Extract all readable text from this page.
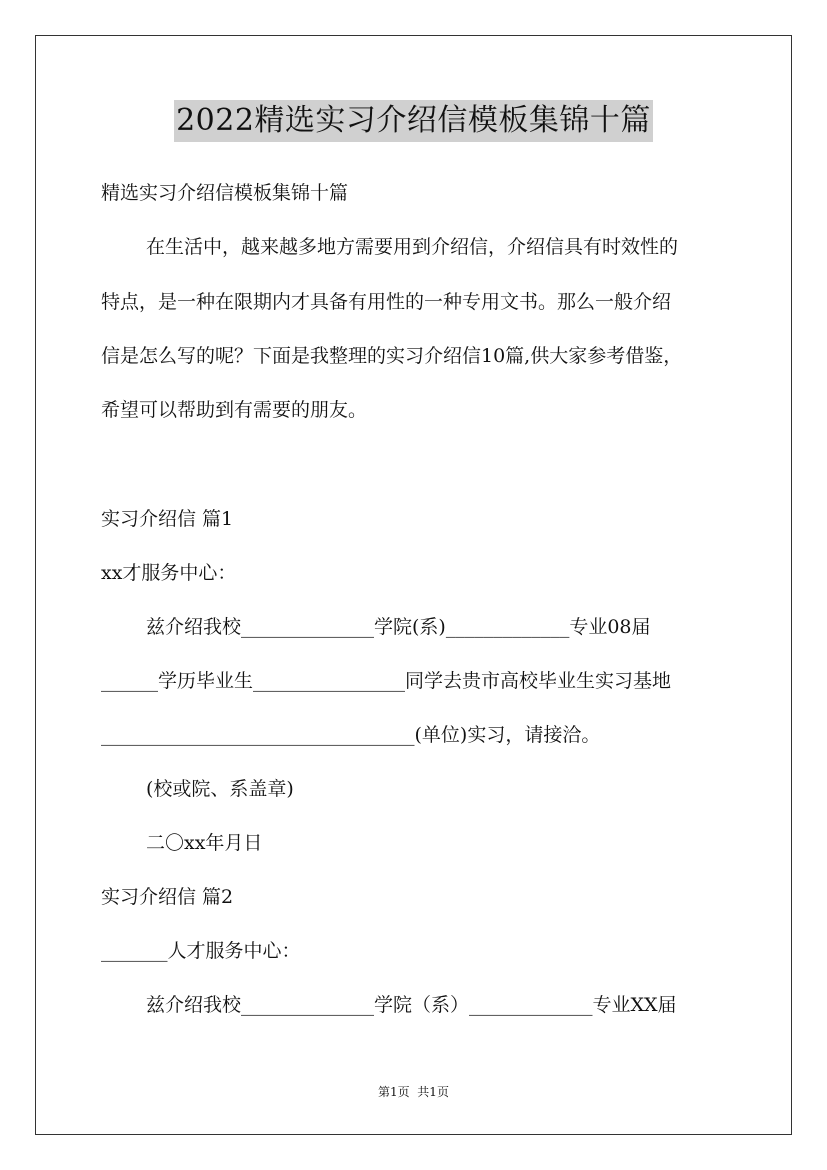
2022精选实习介绍信模板集锦十篇
精选实习介绍信模板集锦十篇
在生活中，越来越多地方需要用到介绍信，介绍信具有时效性的
特点，是一种在限期内才具备有用性的一种专用文书。那么一般介绍
信是怎么写的呢？下面是我整理的实习介绍信10篇,供大家参考借鉴，
希望可以帮助到有需要的朋友。
实习介绍信 篇1
xx才服务中心：
兹介绍我校______________学院(系)_____________专业08届
______学历毕业生________________同学去贵市高校毕业生实习基地
_________________________________(单位)实习，请接洽。
(校或院、系盖章)
二〇xx年月日
实习介绍信 篇2
_______人才服务中心：
兹介绍我校______________学院（系）_____________专业XX届
第1页  共1页
